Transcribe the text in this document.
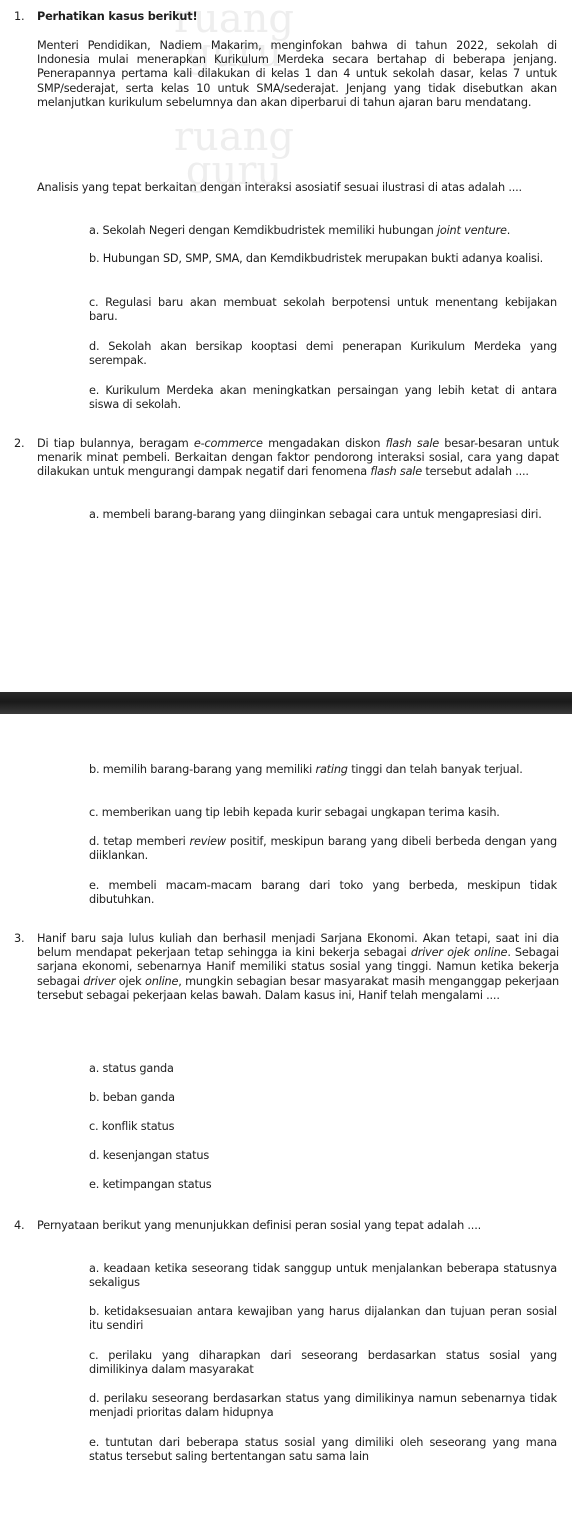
ruang
guru
ruang
guru
1. Perhatikan kasus berikut!

Menteri Pendidikan, Nadiem Makarim, menginfokan bahwa di tahun 2022, sekolah di Indonesia mulai menerapkan Kurikulum Merdeka secara bertahap di beberapa jenjang. Penerapannya pertama kali dilakukan di kelas 1 dan 4 untuk sekolah dasar, kelas 7 untuk SMP/sederajat, serta kelas 10 untuk SMA/sederajat. Jenjang yang tidak disebutkan akan melanjutkan kurikulum sebelumnya dan akan diperbarui di tahun ajaran baru mendatang.

Analisis yang tepat berkaitan dengan interaksi asosiatif sesuai ilustrasi di atas adalah ....

a. Sekolah Negeri dengan Kemdikbudristek memiliki hubungan joint venture.
b. Hubungan SD, SMP, SMA, dan Kemdikbudristek merupakan bukti adanya koalisi.
c. Regulasi baru akan membuat sekolah berpotensi untuk menentang kebijakan baru.
d. Sekolah akan bersikap kooptasi demi penerapan Kurikulum Merdeka yang serempak.
e. Kurikulum Merdeka akan meningkatkan persaingan yang lebih ketat di antara siswa di sekolah.
2. Di tiap bulannya, beragam e-commerce mengadakan diskon flash sale besar-besaran untuk menarik minat pembeli. Berkaitan dengan faktor pendorong interaksi sosial, cara yang dapat dilakukan untuk mengurangi dampak negatif dari fenomena flash sale tersebut adalah ....

a. membeli barang-barang yang diinginkan sebagai cara untuk mengapresiasi diri.
b. memilih barang-barang yang memiliki rating tinggi dan telah banyak terjual.
c. memberikan uang tip lebih kepada kurir sebagai ungkapan terima kasih.
d. tetap memberi review positif, meskipun barang yang dibeli berbeda dengan yang diiklankan.
e. membeli macam-macam barang dari toko yang berbeda, meskipun tidak dibutuhkan.
3. Hanif baru saja lulus kuliah dan berhasil menjadi Sarjana Ekonomi. Akan tetapi, saat ini dia belum mendapat pekerjaan tetap sehingga ia kini bekerja sebagai driver ojek online. Sebagai sarjana ekonomi, sebenarnya Hanif memiliki status sosial yang tinggi. Namun ketika bekerja sebagai driver ojek online, mungkin sebagian besar masyarakat masih menganggap pekerjaan tersebut sebagai pekerjaan kelas bawah. Dalam kasus ini, Hanif telah mengalami ....

a. status ganda
b. beban ganda
c. konflik status
d. kesenjangan status
e. ketimpangan status
4. Pernyataan berikut yang menunjukkan definisi peran sosial yang tepat adalah ....

a. keadaan ketika seseorang tidak sanggup untuk menjalankan beberapa statusnya sekaligus
b. ketidaksesuaian antara kewajiban yang harus dijalankan dan tujuan peran sosial itu sendiri
c. perilaku yang diharapkan dari seseorang berdasarkan status sosial yang dimilikinya dalam masyarakat
d. perilaku seseorang berdasarkan status yang dimilikinya namun sebenarnya tidak menjadi prioritas dalam hidupnya
e. tuntutan dari beberapa status sosial yang dimiliki oleh seseorang yang mana status tersebut saling bertentangan satu sama lain
